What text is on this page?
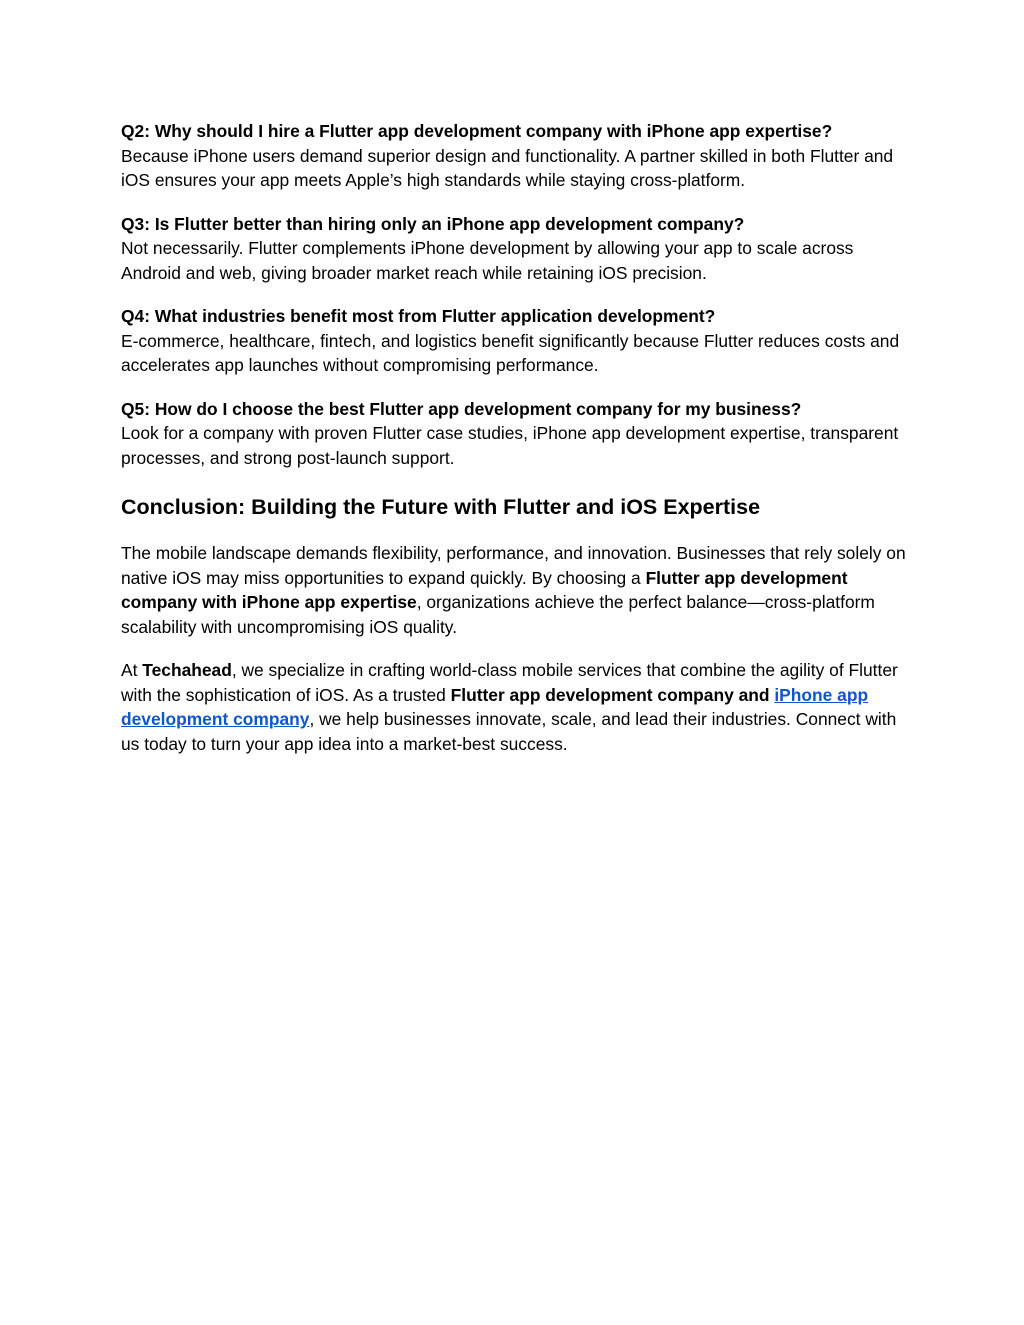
Q2: Why should I hire a Flutter app development company with iPhone app expertise?
Because iPhone users demand superior design and functionality. A partner skilled in both Flutter and iOS ensures your app meets Apple’s high standards while staying cross-platform.
Q3: Is Flutter better than hiring only an iPhone app development company?
Not necessarily. Flutter complements iPhone development by allowing your app to scale across Android and web, giving broader market reach while retaining iOS precision.
Q4: What industries benefit most from Flutter application development?
E-commerce, healthcare, fintech, and logistics benefit significantly because Flutter reduces costs and accelerates app launches without compromising performance.
Q5: How do I choose the best Flutter app development company for my business?
Look for a company with proven Flutter case studies, iPhone app development expertise, transparent processes, and strong post-launch support.
Conclusion: Building the Future with Flutter and iOS Expertise

The mobile landscape demands flexibility, performance, and innovation. Businesses that rely solely on native iOS may miss opportunities to expand quickly. By choosing a Flutter app development company with iPhone app expertise, organizations achieve the perfect balance—cross-platform scalability with uncompromising iOS quality.

At Techahead, we specialize in crafting world-class mobile services that combine the agility of Flutter with the sophistication of iOS. As a trusted Flutter app development company and iPhone app development company, we help businesses innovate, scale, and lead their industries. Connect with us today to turn your app idea into a market-best success.
